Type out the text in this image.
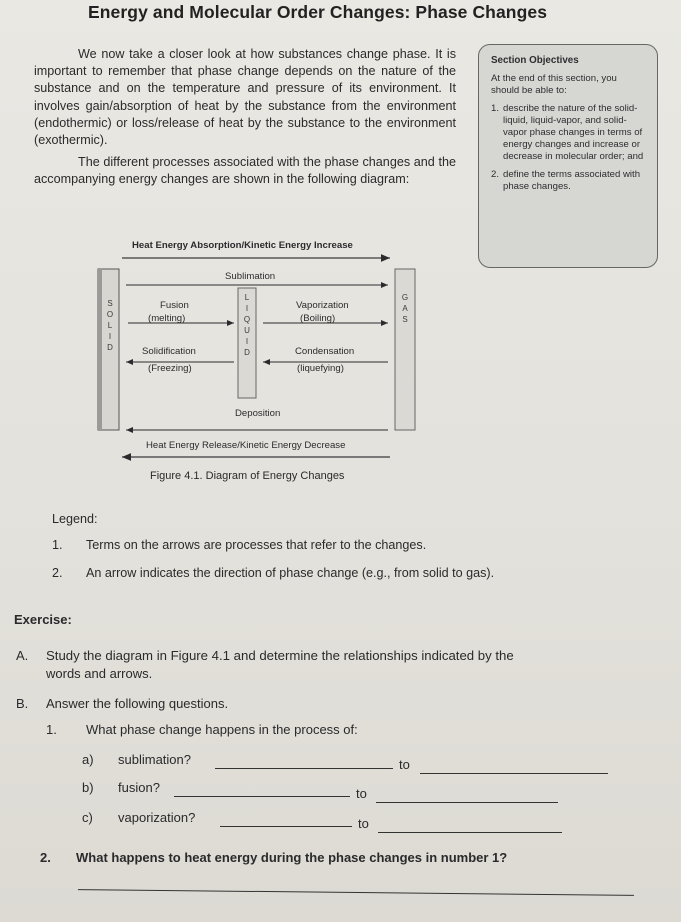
Energy and Molecular Order Changes: Phase Changes

We now take a closer look at how substances change phase. It is important to remember that phase change depends on the nature of the substance and on the temperature and pressure of its environment. It involves gain/absorption of heat by the substance from the environment (endothermic) or loss/release of heat by the substance to the environment (exothermic).

The different processes associated with the phase changes and the accompanying energy changes are shown in the following diagram:

Section Objectives
At the end of this section, you should be able to:
1. describe the nature of the solid-liquid, liquid-vapor, and solid-vapor phase changes in terms of energy changes and increase or decrease in molecular order; and
2. define the terms associated with phase changes.
Heat Energy Absorption/Kinetic Energy Increase
Sublimation
Fusion
(melting)
Vaporization
(Boiling)
Solidification
(Freezing)
Condensation
(liquefying)
Deposition
Heat Energy Release/Kinetic Energy Decrease
S
O
L
I
D
L
I
Q
U
I
D
G
A
S
Figure 4.1. Diagram of Energy Changes
Legend:
1. Terms on the arrows are processes that refer to the changes.
2. An arrow indicates the direction of phase change (e.g., from solid to gas).
Exercise:
A. Study the diagram in Figure 4.1 and determine the relationships indicated by the
words and arrows.
B. Answer the following questions.
1. What phase change happens in the process of:
a) sublimation?	to
b) fusion?	to
c) vaporization?	to
2. What happens to heat energy during the phase changes in number 1?
